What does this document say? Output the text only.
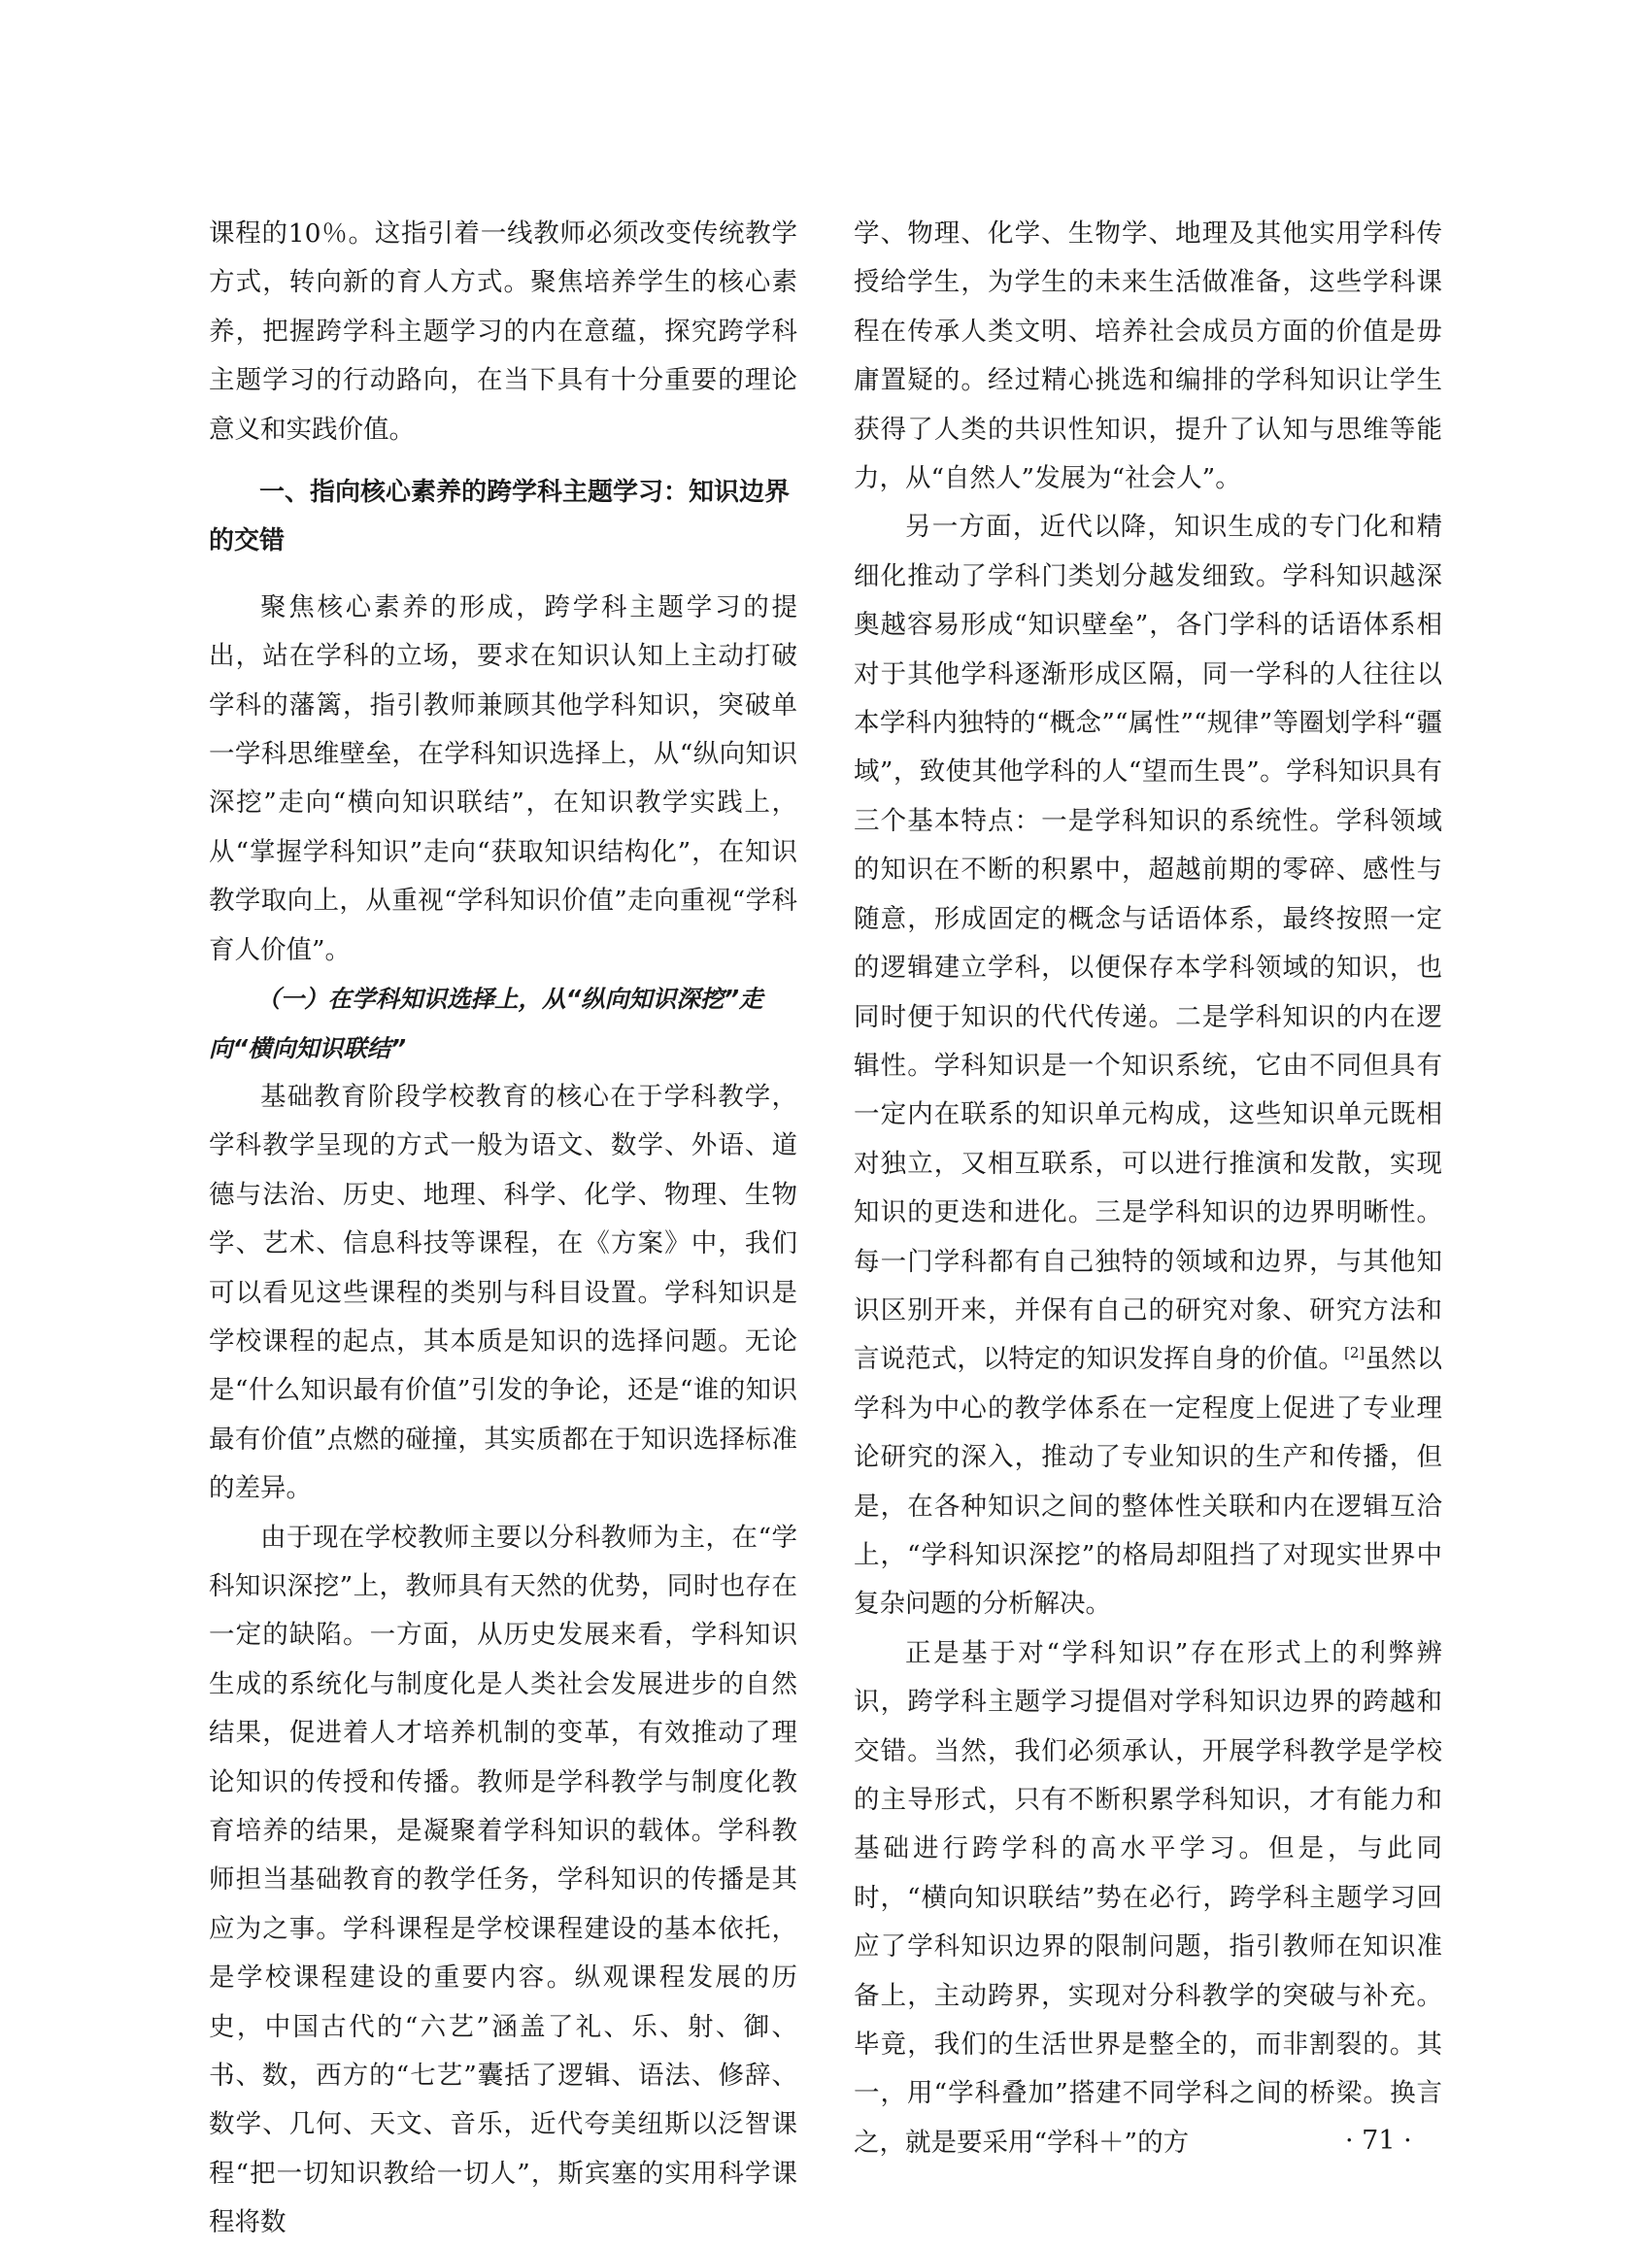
课程的10％。这指引着一线教师必须改变传统教学方式，转向新的育人方式。聚焦培养学生的核心素养，把握跨学科主题学习的内在意蕴，探究跨学科主题学习的行动路向，在当下具有十分重要的理论意义和实践价值。

一、指向核心素养的跨学科主题学习：知识边界的交错

聚焦核心素养的形成，跨学科主题学习的提出，站在学科的立场，要求在知识认知上主动打破学科的藩篱，指引教师兼顾其他学科知识，突破单一学科思维壁垒，在学科知识选择上，从“纵向知识深挖”走向“横向知识联结”，在知识教学实践上，从“掌握学科知识”走向“获取知识结构化”，在知识教学取向上，从重视“学科知识价值”走向重视“学科育人价值”。

（一）在学科知识选择上，从“纵向知识深挖”走向“横向知识联结”

基础教育阶段学校教育的核心在于学科教学，学科教学呈现的方式一般为语文、数学、外语、道德与法治、历史、地理、科学、化学、物理、生物学、艺术、信息科技等课程，在《方案》中，我们可以看见这些课程的类别与科目设置。学科知识是学校课程的起点，其本质是知识的选择问题。无论是“什么知识最有价值”引发的争论，还是“谁的知识最有价值”点燃的碰撞，其实质都在于知识选择标准的差异。

由于现在学校教师主要以分科教师为主，在“学科知识深挖”上，教师具有天然的优势，同时也存在一定的缺陷。一方面，从历史发展来看，学科知识生成的系统化与制度化是人类社会发展进步的自然结果，促进着人才培养机制的变革，有效推动了理论知识的传授和传播。教师是学科教学与制度化教育培养的结果，是凝聚着学科知识的载体。学科教师担当基础教育的教学任务，学科知识的传播是其应为之事。学科课程是学校课程建设的基本依托，是学校课程建设的重要内容。纵观课程发展的历史，中国古代的“六艺”涵盖了礼、乐、射、御、书、数，西方的“七艺”囊括了逻辑、语法、修辞、数学、几何、天文、音乐，近代夸美纽斯以泛智课程“把一切知识教给一切人”，斯宾塞的实用科学课程将数

学、物理、化学、生物学、地理及其他实用学科传授给学生，为学生的未来生活做准备，这些学科课程在传承人类文明、培养社会成员方面的价值是毋庸置疑的。经过精心挑选和编排的学科知识让学生获得了人类的共识性知识，提升了认知与思维等能力，从“自然人”发展为“社会人”。

另一方面，近代以降，知识生成的专门化和精细化推动了学科门类划分越发细致。学科知识越深奥越容易形成“知识壁垒”，各门学科的话语体系相对于其他学科逐渐形成区隔，同一学科的人往往以本学科内独特的“概念”“属性”“规律”等圈划学科“疆域”，致使其他学科的人“望而生畏”。学科知识具有三个基本特点：一是学科知识的系统性。学科领域的知识在不断的积累中，超越前期的零碎、感性与随意，形成固定的概念与话语体系，最终按照一定的逻辑建立学科，以便保存本学科领域的知识，也同时便于知识的代代传递。二是学科知识的内在逻辑性。学科知识是一个知识系统，它由不同但具有一定内在联系的知识单元构成，这些知识单元既相对独立，又相互联系，可以进行推演和发散，实现知识的更迭和进化。三是学科知识的边界明晰性。每一门学科都有自己独特的领域和边界，与其他知识区别开来，并保有自己的研究对象、研究方法和言说范式，以特定的知识发挥自身的价值。[2]虽然以学科为中心的教学体系在一定程度上促进了专业理论研究的深入，推动了专业知识的生产和传播，但是，在各种知识之间的整体性关联和内在逻辑互洽上，“学科知识深挖”的格局却阻挡了对现实世界中复杂问题的分析解决。

正是基于对“学科知识”存在形式上的利弊辨识，跨学科主题学习提倡对学科知识边界的跨越和交错。当然，我们必须承认，开展学科教学是学校的主导形式，只有不断积累学科知识，才有能力和基础进行跨学科的高水平学习。但是，与此同时，“横向知识联结”势在必行，跨学科主题学习回应了学科知识边界的限制问题，指引教师在知识准备上，主动跨界，实现对分科教学的突破与补充。毕竟，我们的生活世界是整全的，而非割裂的。其一，用“学科叠加”搭建不同学科之间的桥梁。换言之，就是要采用“学科＋”的方	· 71 ·
